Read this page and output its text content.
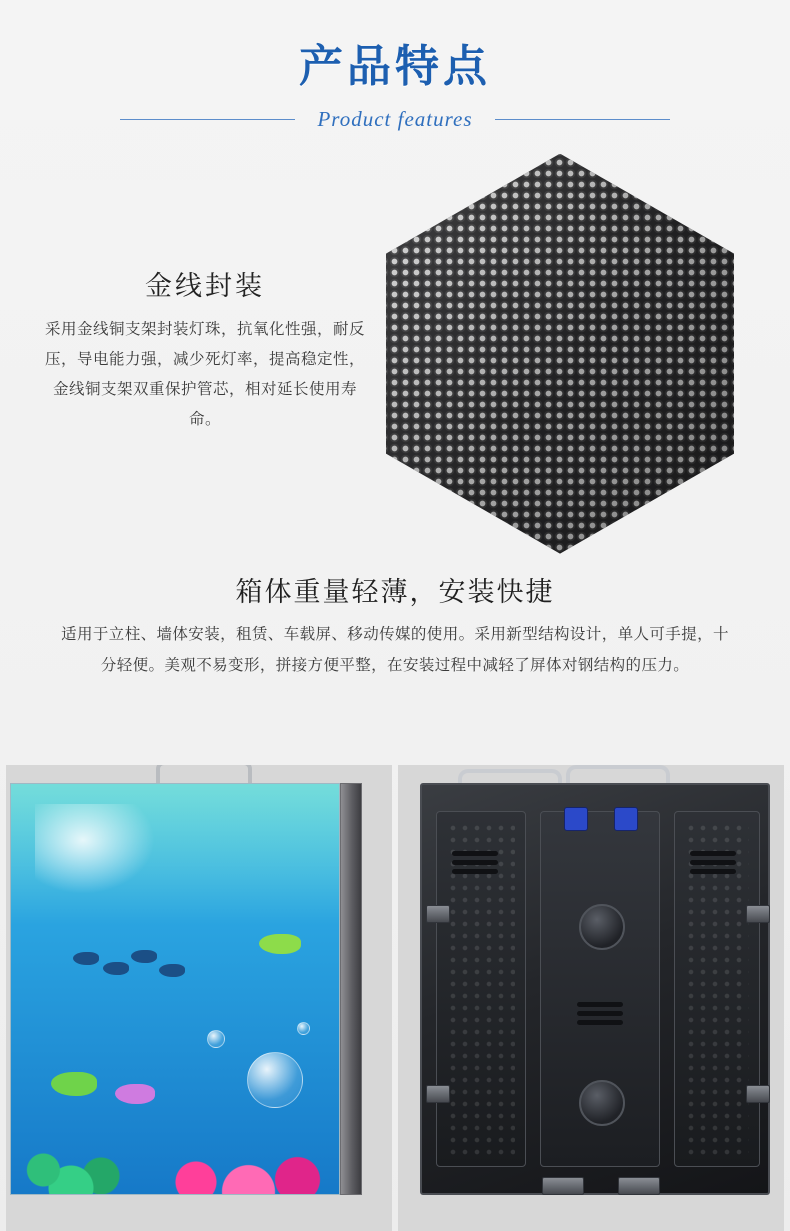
产品特点
Product features
金线封装

采用金线铜支架封装灯珠，抗氧化性强，耐反压，导电能力强，减少死灯率，提高稳定性，金线铜支架双重保护管芯，相对延长使用寿命。

箱体重量轻薄，安装快捷

适用于立柱、墙体安装，租赁、车载屏、移动传媒的使用。采用新型结构设计，单人可手提，十分轻便。美观不易变形，拼接方便平整，在安装过程中减轻了屏体对钢结构的压力。
